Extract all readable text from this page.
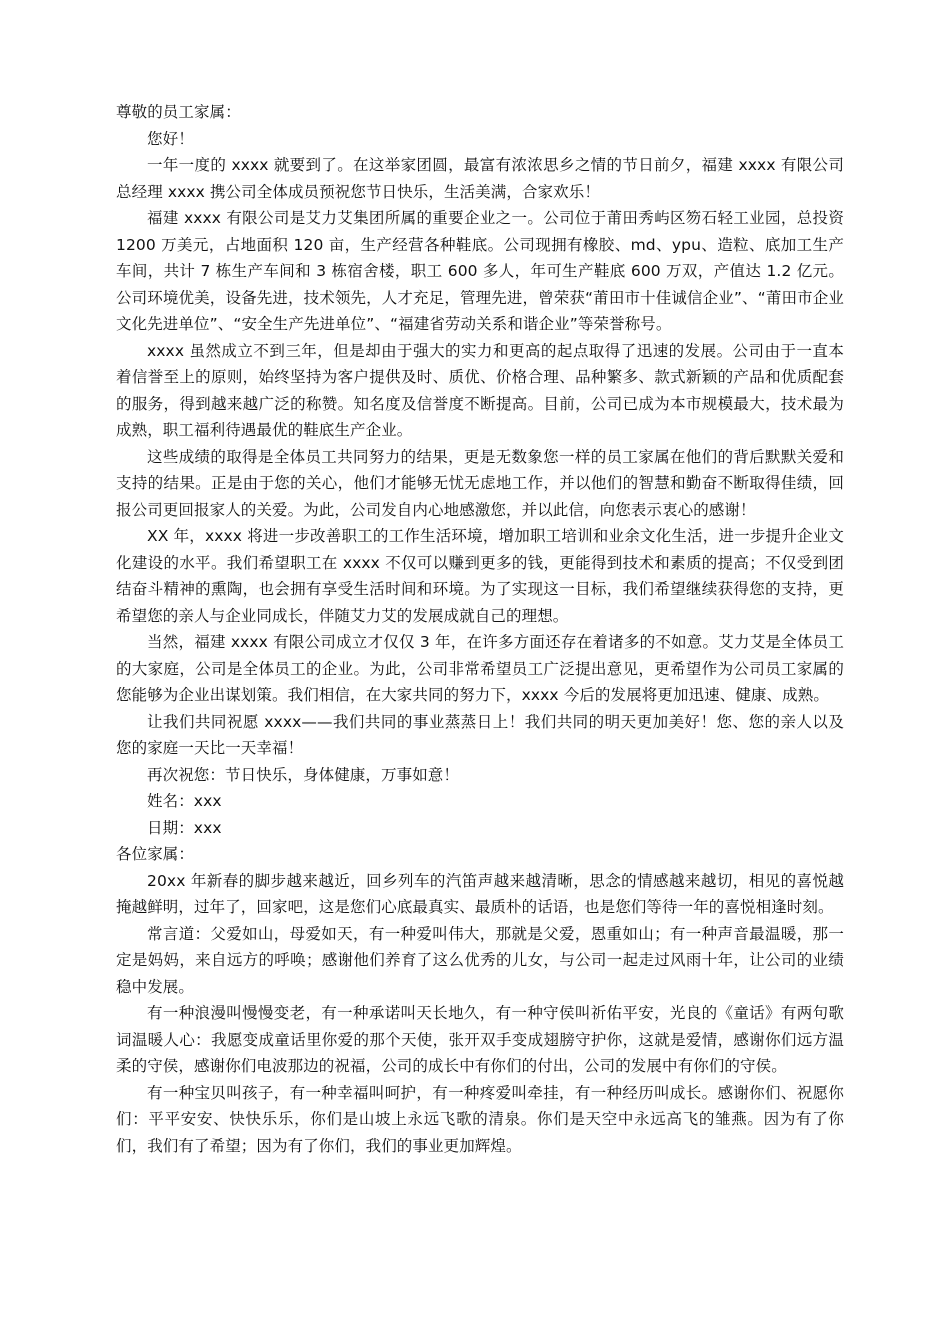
尊敬的员工家属：

您好！

一年一度的 xxxx 就要到了。在这举家团圆，最富有浓浓思乡之情的节日前夕，福建 xxxx 有限公司总经理 xxxx 携公司全体成员预祝您节日快乐，生活美满，合家欢乐！

福建 xxxx 有限公司是艾力艾集团所属的重要企业之一。公司位于莆田秀屿区笏石轻工业园，总投资 1200 万美元，占地面积 120 亩，生产经营各种鞋底。公司现拥有橡胶、md、ypu、造粒、底加工生产车间，共计 7 栋生产车间和 3 栋宿舍楼，职工 600 多人，年可生产鞋底 600 万双，产值达 1.2 亿元。公司环境优美，设备先进，技术领先，人才充足，管理先进，曾荣获“莆田市十佳诚信企业”、“莆田市企业文化先进单位”、“安全生产先进单位”、“福建省劳动关系和谐企业”等荣誉称号。

xxxx 虽然成立不到三年，但是却由于强大的实力和更高的起点取得了迅速的发展。公司由于一直本着信誉至上的原则，始终坚持为客户提供及时、质优、价格合理、品种繁多、款式新颖的产品和优质配套的服务，得到越来越广泛的称赞。知名度及信誉度不断提高。目前，公司已成为本市规模最大，技术最为成熟，职工福利待遇最优的鞋底生产企业。

这些成绩的取得是全体员工共同努力的结果，更是无数象您一样的员工家属在他们的背后默默关爱和支持的结果。正是由于您的关心，他们才能够无忧无虑地工作，并以他们的智慧和勤奋不断取得佳绩，回报公司更回报家人的关爱。为此，公司发自内心地感激您，并以此信，向您表示衷心的感谢！

XX 年，xxxx 将进一步改善职工的工作生活环境，增加职工培训和业余文化生活，进一步提升企业文化建设的水平。我们希望职工在 xxxx 不仅可以赚到更多的钱，更能得到技术和素质的提高；不仅受到团结奋斗精神的熏陶，也会拥有享受生活时间和环境。为了实现这一目标，我们希望继续获得您的支持，更希望您的亲人与企业同成长，伴随艾力艾的发展成就自己的理想。

当然，福建 xxxx 有限公司成立才仅仅 3 年，在许多方面还存在着诸多的不如意。艾力艾是全体员工的大家庭，公司是全体员工的企业。为此，公司非常希望员工广泛提出意见，更希望作为公司员工家属的您能够为企业出谋划策。我们相信，在大家共同的努力下，xxxx 今后的发展将更加迅速、健康、成熟。

让我们共同祝愿 xxxx——我们共同的事业蒸蒸日上！我们共同的明天更加美好！您、您的亲人以及您的家庭一天比一天幸福！

再次祝您：节日快乐，身体健康，万事如意！

姓名：xxx

日期：xxx

各位家属：

20xx 年新春的脚步越来越近，回乡列车的汽笛声越来越清晰，思念的情感越来越切，相见的喜悦越掩越鲜明，过年了，回家吧，这是您们心底最真实、最质朴的话语，也是您们等待一年的喜悦相逢时刻。

常言道：父爱如山，母爱如天，有一种爱叫伟大，那就是父爱，恩重如山；有一种声音最温暖，那一定是妈妈，来自远方的呼唤；感谢他们养育了这么优秀的儿女，与公司一起走过风雨十年，让公司的业绩稳中发展。

有一种浪漫叫慢慢变老，有一种承诺叫天长地久，有一种守侯叫祈佑平安，光良的《童话》有两句歌词温暖人心：我愿变成童话里你爱的那个天使，张开双手变成翅膀守护你，这就是爱情，感谢你们远方温柔的守侯，感谢你们电波那边的祝福，公司的成长中有你们的付出，公司的发展中有你们的守侯。

有一种宝贝叫孩子，有一种幸福叫呵护，有一种疼爱叫牵挂，有一种经历叫成长。感谢你们、祝愿你们：平平安安、快快乐乐，你们是山坡上永远飞歌的清泉。你们是天空中永远高飞的雏燕。因为有了你们，我们有了希望；因为有了你们，我们的事业更加辉煌。
